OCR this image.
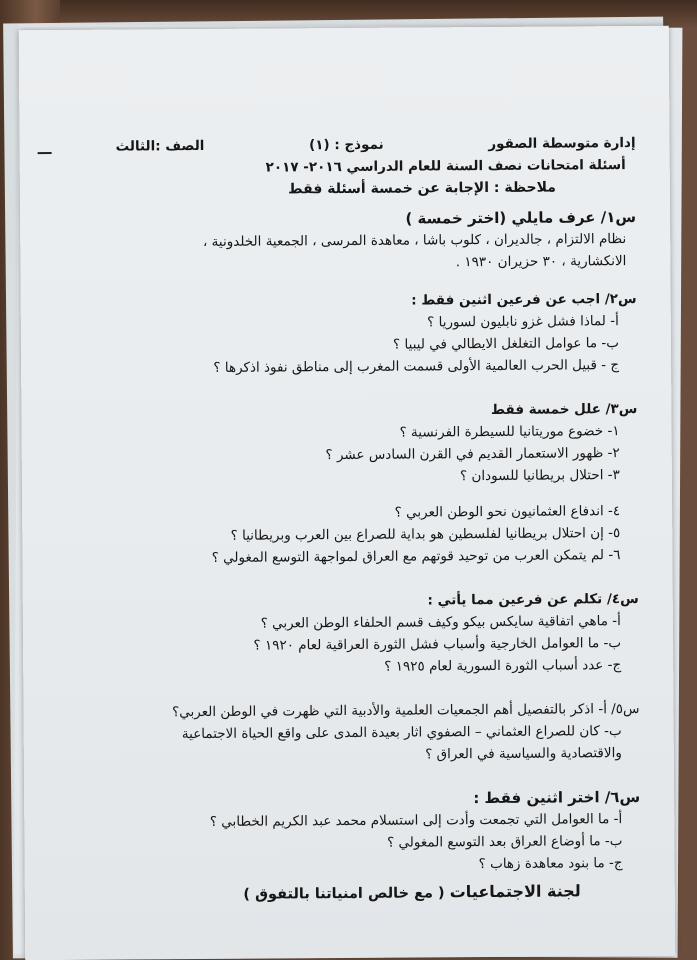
إدارة متوسطة الصقور
نموذج : (١)
الصف :الثالث
أسئلة امتحانات نصف السنة للعام الدراسي ٢٠١٦- ٢٠١٧
ملاحظة : الإجابة عن خمسة أسئلة فقط
س١/ عرف مايلي (اختر خمسة )
نظام الالتزام ، جالديران ، كلوب باشا ، معاهدة المرسى ، الجمعية الخلدونية ،
الانكشارية ، ٣٠ حزيران ١٩٣٠ .
س٢/ اجب عن فرعين اثنين فقط :
أ- لماذا فشل غزو نابليون لسوريا ؟
ب- ما عوامل التغلغل الايطالي في ليبيا ؟
ج - قبيل الحرب العالمية الأولى قسمت المغرب إلى مناطق نفوذ اذكرها ؟
س٣/ علل خمسة فقط
١- خضوع موريتانيا للسيطرة الفرنسية ؟
٢- ظهور الاستعمار القديم في القرن السادس عشر ؟
٣- احتلال بريطانيا للسودان ؟
٤- اندفاع العثمانيون نحو الوطن العربي ؟
٥- إن احتلال بريطانيا لفلسطين هو بداية للصراع بين العرب وبريطانيا ؟
٦- لم يتمكن العرب من توحيد قوتهم مع العراق لمواجهة التوسع المغولي ؟
س٤/ تكلم عن فرعين مما يأتي :
أ- ماهي اتفاقية سايكس بيكو وكيف قسم الحلفاء الوطن العربي ؟
ب- ما العوامل الخارجية وأسباب فشل الثورة العراقية لعام ١٩٢٠ ؟
ج- عدد أسباب الثورة السورية لعام ١٩٢٥ ؟
س٥/ أ- اذكر بالتفصيل أهم الجمعيات العلمية والأدبية التي ظهرت في الوطن العربي؟
ب- كان للصراع العثماني – الصفوي اثار بعيدة المدى على واقع الحياة الاجتماعية
والاقتصادية والسياسية في العراق ؟
س٦/ اختر اثنين فقط :
أ- ما العوامل التي تجمعت وأدت إلى استسلام محمد عبد الكريم الخطابي ؟
ب- ما أوضاع العراق بعد التوسع المغولي ؟
ج- ما بنود معاهدة زهاب ؟
لجنة الاجتماعيات ( مع خالص امنياتنا بالتفوق )
